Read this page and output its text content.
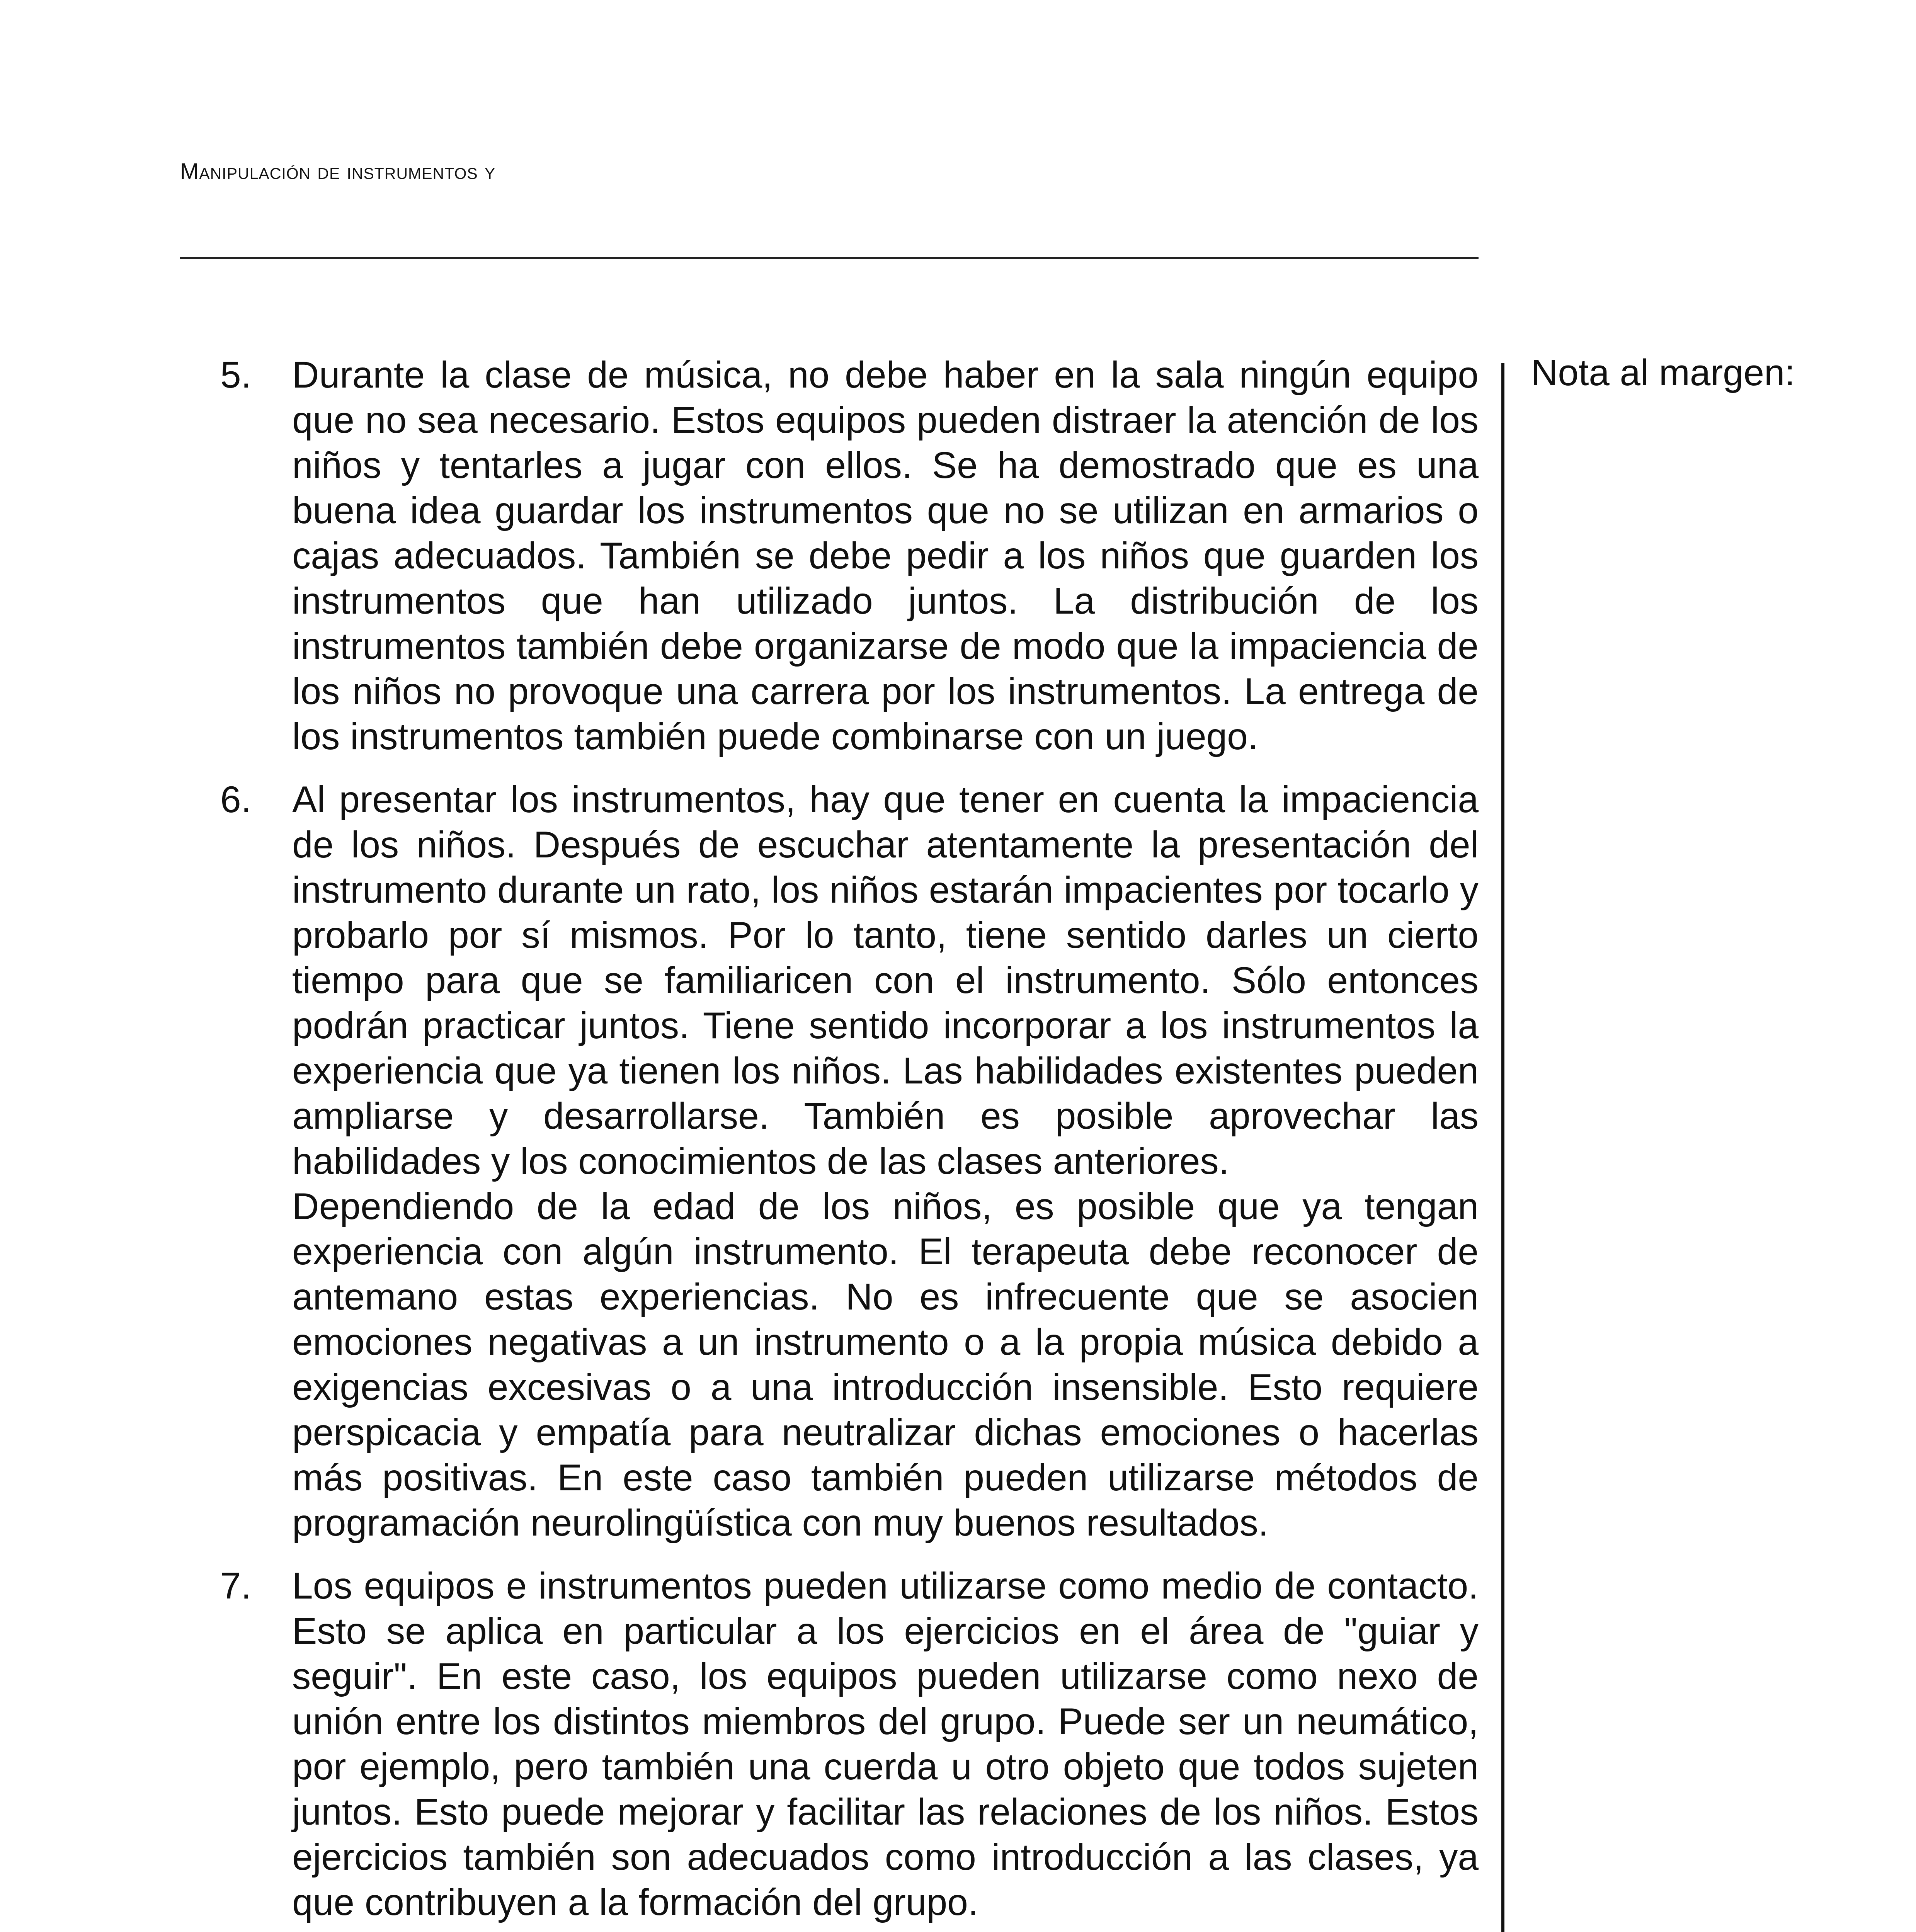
Manipulación de instrumentos y
Nota al margen:
5. Durante la clase de música, no debe haber en la sala ningún equipo que no sea necesario. Estos equipos pueden distraer la atención de los niños y tentarles a jugar con ellos. Se ha demostrado que es una buena idea guardar los instrumentos que no se utilizan en armarios o cajas adecuados. También se debe pedir a los niños que guarden los instrumentos que han utilizado juntos. La distribución de los instrumentos también debe organizarse de modo que la impaciencia de los niños no provoque una carrera por los instrumentos. La entrega de los instrumentos también puede combinarse con un juego.

6. Al presentar los instrumentos, hay que tener en cuenta la impaciencia de los niños. Después de escuchar atentamente la presentación del instrumento durante un rato, los niños estarán impacientes por tocarlo y probarlo por sí mismos. Por lo tanto, tiene sentido darles un cierto tiempo para que se familiaricen con el instrumento. Sólo entonces podrán practicar juntos. Tiene sentido incorporar a los instrumentos la experiencia que ya tienen los niños. Las habilidades existentes pueden ampliarse y desarrollarse. También es posible aprovechar las habilidades y los conocimientos de las clases anteriores.

Dependiendo de la edad de los niños, es posible que ya tengan experiencia con algún instrumento. El terapeuta debe reconocer de antemano estas experiencias. No es infrecuente que se asocien emociones negativas a un instrumento o a la propia música debido a exigencias excesivas o a una introducción insensible. Esto requiere perspicacia y empatía para neutralizar dichas emociones o hacerlas más positivas. En este caso también pueden utilizarse métodos de programación neurolingüística con muy buenos resultados.

7. Los equipos e instrumentos pueden utilizarse como medio de contacto. Esto se aplica en particular a los ejercicios en el área de "guiar y seguir". En este caso, los equipos pueden utilizarse como nexo de unión entre los distintos miembros del grupo. Puede ser un neumático, por ejemplo, pero también una cuerda u otro objeto que todos sujeten juntos. Esto puede mejorar y facilitar las relaciones de los niños. Estos ejercicios también son adecuados como introducción a las clases, ya que contribuyen a la formación del grupo.
